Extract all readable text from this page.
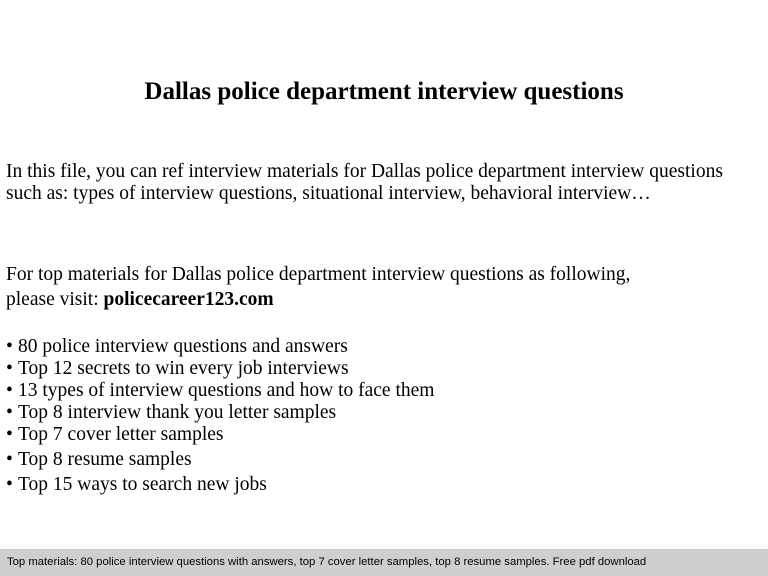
Dallas police department interview questions
In this file, you can ref interview materials for Dallas police department interview questions such as: types of interview questions, situational interview, behavioral interview…
For top materials for Dallas police department interview questions as following,
please visit: policecareer123.com
• 80 police interview questions and answers
• Top 12 secrets to win every job interviews
• 13 types of interview questions and how to face them
• Top 8 interview thank you letter samples
• Top 7 cover letter samples
• Top 8 resume samples
• Top 15 ways to search new jobs
Top materials: 80 police interview questions with answers, top 7 cover letter samples, top 8 resume samples. Free pdf download
